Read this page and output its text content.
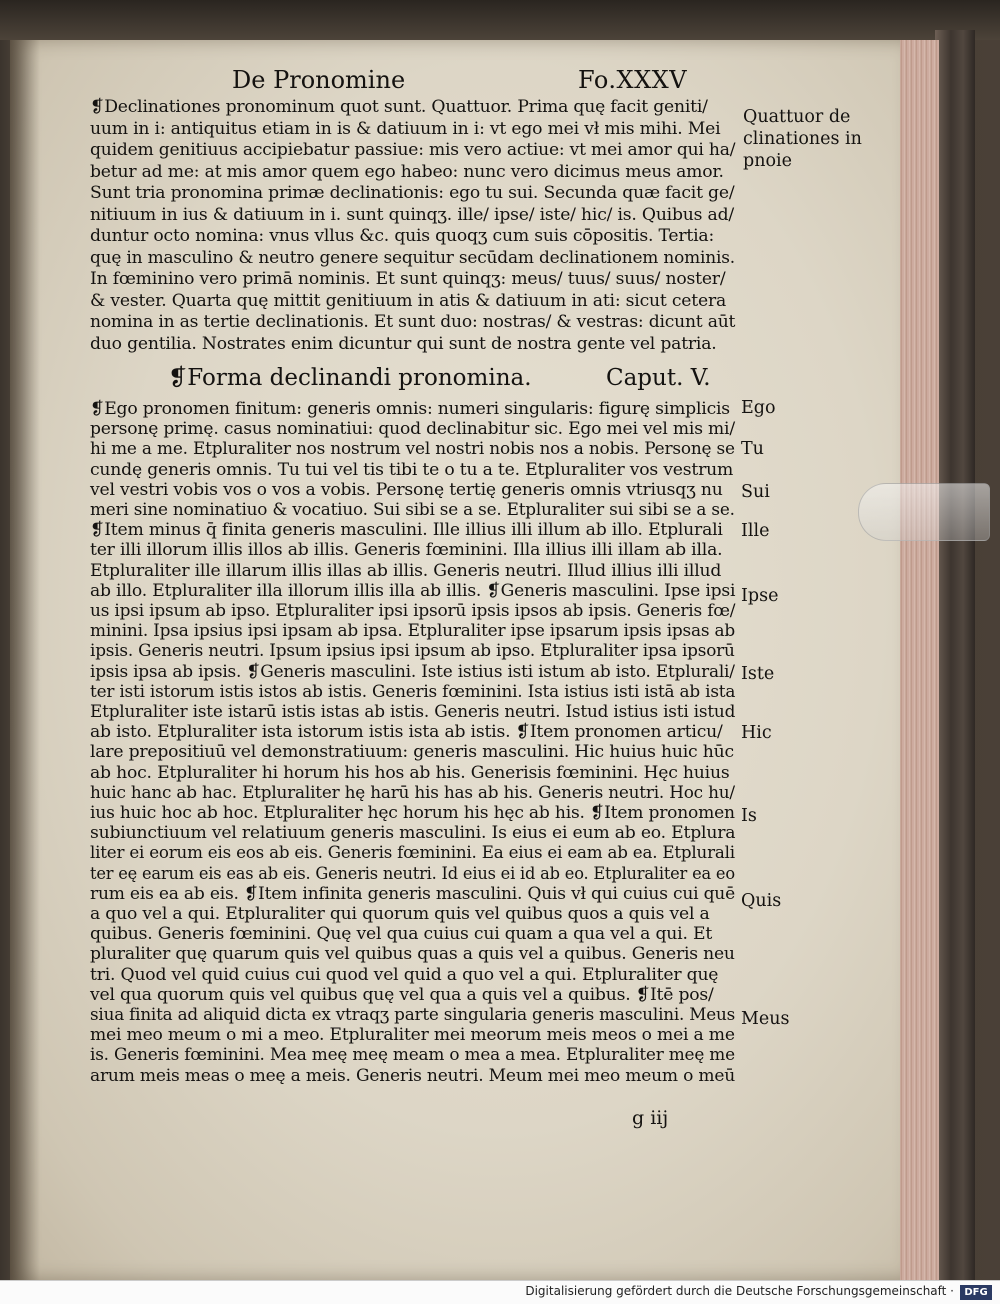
De Pronomine	Fo.XXXV
❡Declinationes pronominum quot sunt. Quattuor. Prima quę facit geniti/
uum in i: antiquitus etiam in is & datiuum in i: vt ego mei vł mis mihi. Mei
quidem genitiuus accipiebatur passiue: mis vero actiue: vt mei amor qui ha/
betur ad me: at mis amor quem ego habeo: nunc vero dicimus meus amor.
Sunt tria pronomina primæ declinationis: ego tu sui. Secunda quæ facit ge/
nitiuum in ius & datiuum in i. sunt quinqʒ. ille/ ipse/ iste/ hic/ is. Quibus ad/
duntur octo nomina: vnus vllus &c. quis quoqʒ cum suis cōpositis. Tertia:
quę in masculino & neutro genere sequitur secūdam declinationem nominis.
In fœminino vero primā nominis. Et sunt quinqʒ: meus/ tuus/ suus/ noster/
& vester. Quarta quę mittit genitiuum in atis & datiuum in ati: sicut cetera
nomina in as tertie declinationis. Et sunt duo: nostras/ & vestras: dicunt aūt
duo gentilia. Nostrates enim dicuntur qui sunt de nostra gente vel patria.
❡Forma declinandi pronomina.	Caput. V.
❡Ego pronomen finitum: generis omnis: numeri singularis: figurę simplicis
personę primę. casus nominatiui: quod declinabitur sic. Ego mei vel mis mi/
hi me a me. Etpluraliter nos nostrum vel nostri nobis nos a nobis. Personę se
cundę generis omnis. Tu tui vel tis tibi te o tu a te. Etpluraliter vos vestrum
vel vestri vobis vos o vos a vobis. Personę tertię generis omnis vtriusqʒ nu
meri sine nominatiuo & vocatiuo. Sui sibi se a se. Etpluraliter sui sibi se a se.
❡Item minus q̄ finita generis masculini. Ille illius illi illum ab illo. Etplurali
ter illi illorum illis illos ab illis. Generis fœminini. Illa illius illi illam ab illa.
Etpluraliter ille illarum illis illas ab illis. Generis neutri. Illud illius illi illud
ab illo. Etpluraliter illa illorum illis illa ab illis. ❡Generis masculini. Ipse ipsi
us ipsi ipsum ab ipso. Etpluraliter ipsi ipsorū ipsis ipsos ab ipsis. Generis fœ/
minini. Ipsa ipsius ipsi ipsam ab ipsa. Etpluraliter ipse ipsarum ipsis ipsas ab
ipsis. Generis neutri. Ipsum ipsius ipsi ipsum ab ipso. Etpluraliter ipsa ipsorū
ipsis ipsa ab ipsis. ❡Generis masculini. Iste istius isti istum ab isto. Etplurali/
ter isti istorum istis istos ab istis. Generis fœminini. Ista istius isti istā ab ista
Etpluraliter iste istarū istis istas ab istis. Generis neutri. Istud istius isti istud
ab isto. Etpluraliter ista istorum istis ista ab istis. ❡Item pronomen articu/
lare prepositiuū vel demonstratiuum: generis masculini. Hic huius huic hūc
ab hoc. Etpluraliter hi horum his hos ab his. Generisis fœminini. Hęc huius
huic hanc ab hac. Etpluraliter hę harū his has ab his. Generis neutri. Hoc hu/
ius huic hoc ab hoc. Etpluraliter hęc horum his hęc ab his. ❡Item pronomen
subiunctiuum vel relatiuum generis masculini. Is eius ei eum ab eo. Etplura
liter ei eorum eis eos ab eis. Generis fœminini. Ea eius ei eam ab ea. Etplurali
ter eę earum eis eas ab eis. Generis neutri. Id eius ei id ab eo. Etpluraliter ea eo
rum eis ea ab eis. ❡Item infinita generis masculini. Quis vł qui cuius cui quē
a quo vel a qui. Etpluraliter qui quorum quis vel quibus quos a quis vel a
quibus. Generis fœminini. Quę vel qua cuius cui quam a qua vel a qui. Et
pluraliter quę quarum quis vel quibus quas a quis vel a quibus. Generis neu
tri. Quod vel quid cuius cui quod vel quid a quo vel a qui. Etpluraliter quę
vel qua quorum quis vel quibus quę vel qua a quis vel a quibus. ❡Itē pos/
siua finita ad aliquid dicta ex vtraqʒ parte singularia generis masculini. Meus
mei meo meum o mi a meo. Etpluraliter mei meorum meis meos o mei a me
is. Generis fœminini. Mea meę meę meam o mea a mea. Etpluraliter meę me
arum meis meas o meę a meis. Generis neutri. Meum mei meo meum o meū
Quattuor de
clinationes in
pnoie
Ego
Tu
Sui
Ille
Ipse
Iste
Hic
Is
Quis
Meus
g iij
Digitalisierung gefördert durch die Deutsche Forschungsgemeinschaft ·	DFG
